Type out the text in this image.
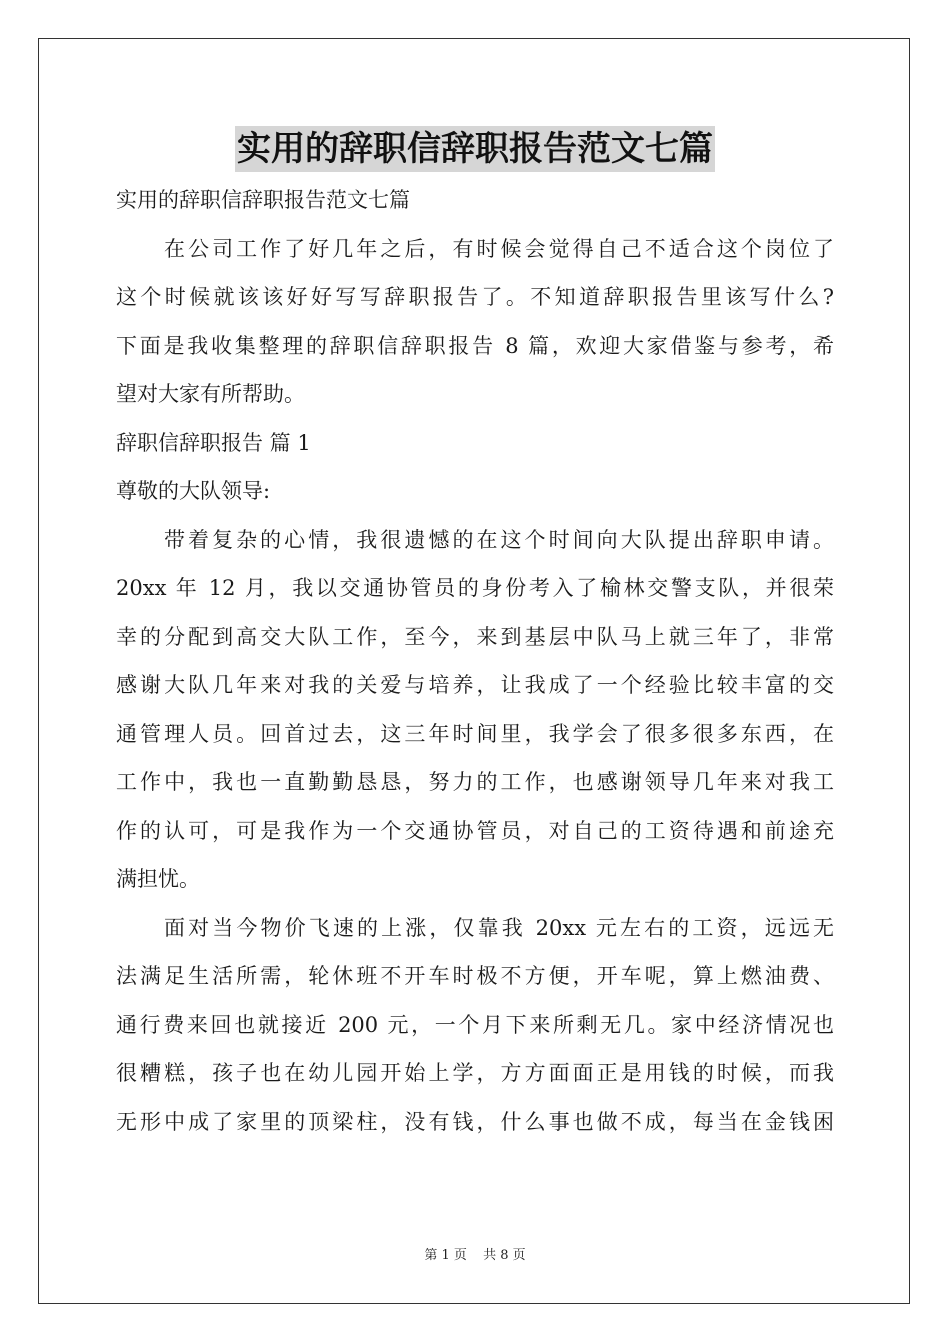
实用的辞职信辞职报告范文七篇
实用的辞职信辞职报告范文七篇
在公司工作了好几年之后，有时候会觉得自己不适合这个岗位了
这个时候就该该好好写写辞职报告了。不知道辞职报告里该写什么?
下面是我收集整理的辞职信辞职报告 8 篇，欢迎大家借鉴与参考，希
望对大家有所帮助。
辞职信辞职报告 篇 1
尊敬的大队领导:
带着复杂的心情，我很遗憾的在这个时间向大队提出辞职申请。
20xx 年 12 月，我以交通协管员的身份考入了榆林交警支队，并很荣
幸的分配到高交大队工作，至今，来到基层中队马上就三年了，非常
感谢大队几年来对我的关爱与培养，让我成了一个经验比较丰富的交
通管理人员。回首过去，这三年时间里，我学会了很多很多东西，在
工作中，我也一直勤勤恳恳，努力的工作，也感谢领导几年来对我工
作的认可，可是我作为一个交通协管员，对自己的工资待遇和前途充
满担忧。
面对当今物价飞速的上涨，仅靠我 20xx 元左右的工资，远远无
法满足生活所需，轮休班不开车时极不方便，开车呢，算上燃油费、
通行费来回也就接近 200 元，一个月下来所剩无几。家中经济情况也
很糟糕，孩子也在幼儿园开始上学，方方面面正是用钱的时候，而我
无形中成了家里的顶梁柱，没有钱，什么事也做不成，每当在金钱困
第 1 页 共 8 页
